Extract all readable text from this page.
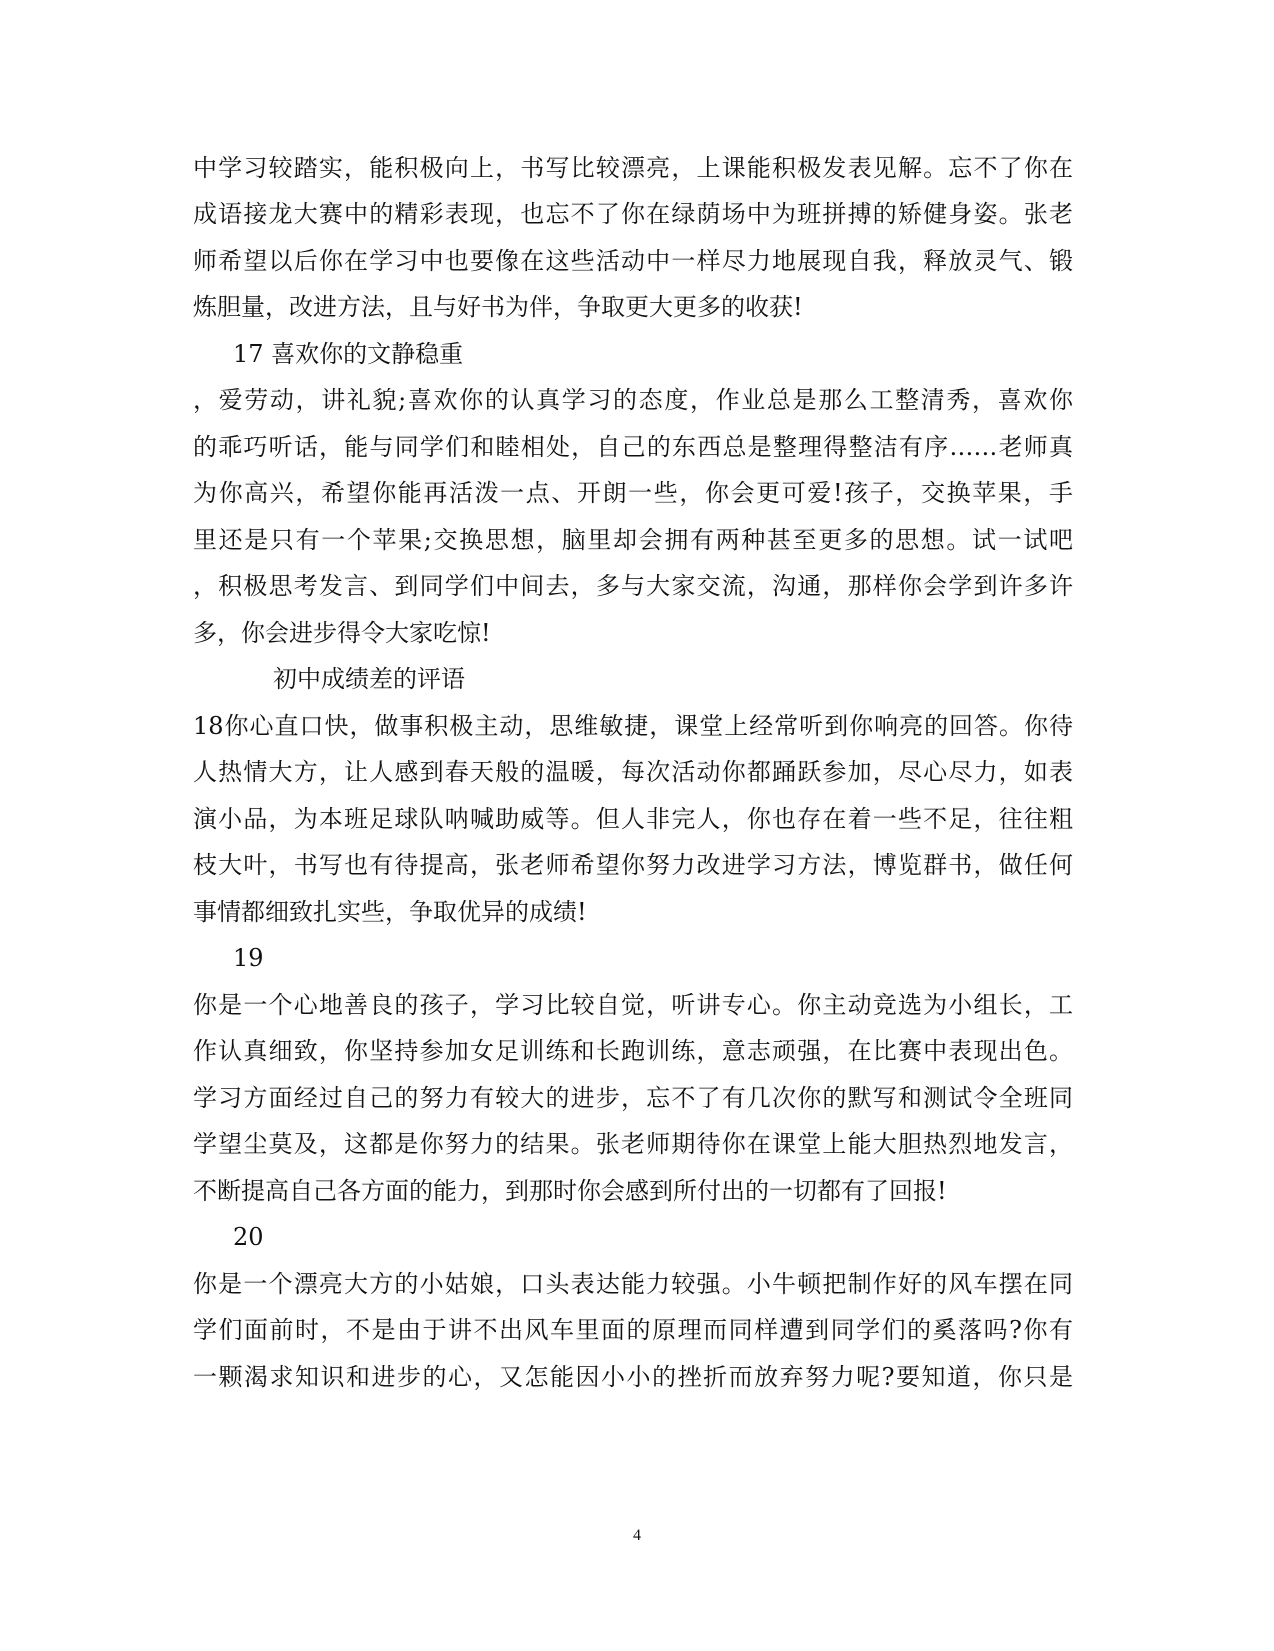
中学习较踏实，能积极向上，书写比较漂亮，上课能积极发表见解。忘不了你在
成语接龙大赛中的精彩表现，也忘不了你在绿荫场中为班拼搏的矫健身姿。张老
师希望以后你在学习中也要像在这些活动中一样尽力地展现自我，释放灵气、锻
炼胆量，改进方法，且与好书为伴，争取更大更多的收获!
17 喜欢你的文静稳重
，爱劳动，讲礼貌;喜欢你的认真学习的态度，作业总是那么工整清秀，喜欢你
的乖巧听话，能与同学们和睦相处，自己的东西总是整理得整洁有序……老师真
为你高兴，希望你能再活泼一点、开朗一些，你会更可爱!孩子，交换苹果，手
里还是只有一个苹果;交换思想，脑里却会拥有两种甚至更多的思想。试一试吧
，积极思考发言、到同学们中间去，多与大家交流，沟通，那样你会学到许多许
多，你会进步得令大家吃惊!
初中成绩差的评语
18你心直口快，做事积极主动，思维敏捷，课堂上经常听到你响亮的回答。你待
人热情大方，让人感到春天般的温暖，每次活动你都踊跃参加，尽心尽力，如表
演小品，为本班足球队呐喊助威等。但人非完人，你也存在着一些不足，往往粗
枝大叶，书写也有待提高，张老师希望你努力改进学习方法，博览群书，做任何
事情都细致扎实些，争取优异的成绩!
19
你是一个心地善良的孩子，学习比较自觉，听讲专心。你主动竞选为小组长，工
作认真细致，你坚持参加女足训练和长跑训练，意志顽强，在比赛中表现出色。
学习方面经过自己的努力有较大的进步，忘不了有几次你的默写和测试令全班同
学望尘莫及，这都是你努力的结果。张老师期待你在课堂上能大胆热烈地发言，
不断提高自己各方面的能力，到那时你会感到所付出的一切都有了回报!
20
你是一个漂亮大方的小姑娘，口头表达能力较强。小牛顿把制作好的风车摆在同
学们面前时，不是由于讲不出风车里面的原理而同样遭到同学们的奚落吗?你有
一颗渴求知识和进步的心，又怎能因小小的挫折而放弃努力呢?要知道，你只是
4
